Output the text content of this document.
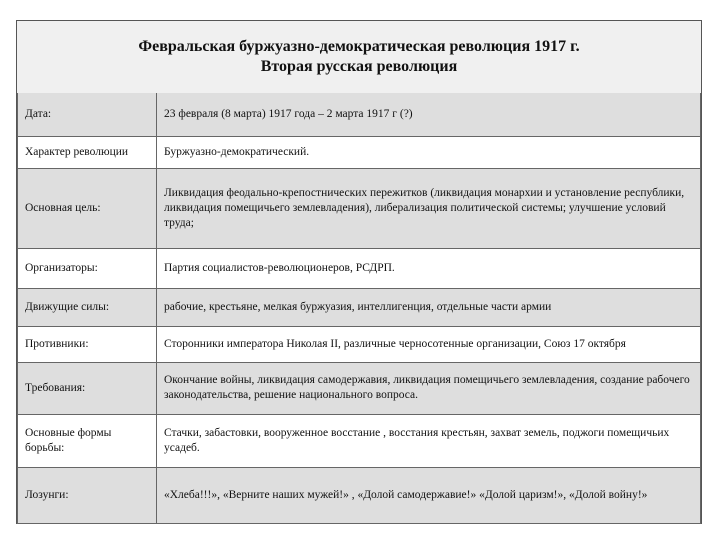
Февральская буржуазно-демократическая революция 1917 г.
Вторая русская революция
Дата:	23 февраля (8 марта) 1917 года – 2 марта 1917 г (?)
Характер революции	Буржуазно-демократический.
Основная цель:	Ликвидация феодально-крепостнических пережитков (ликвидация монархии и установление республики, ликвидация помещичьего землевладения), либерализация политической системы; улучшение условий труда;
Организаторы:	Партия социалистов-революционеров, РСДРП.
Движущие силы:	рабочие, крестьяне, мелкая буржуазия, интеллигенция, отдельные части армии
Противники:	Сторонники императора Николая II, различные черносотенные организации, Союз 17 октября
Требования:	Окончание войны, ликвидация самодержавия, ликвидация помещичьего землевладения, создание рабочего законодательства, решение национального вопроса.
Основные формы борьбы:	Стачки, забастовки, вооруженное восстание , восстания крестьян, захват земель, поджоги помещичьих усадеб.
Лозунги:	«Хлеба!!!», «Верните наших мужей!» , «Долой самодержавие!» «Долой царизм!», «Долой войну!»
